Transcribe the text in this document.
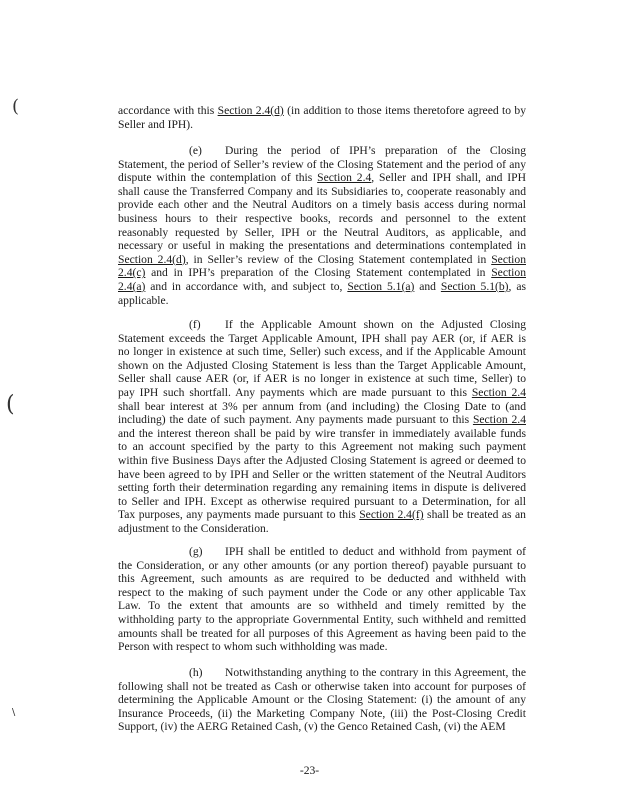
(
(
∖
accordance with this Section 2.4(d) (in addition to those items theretofore agreed to by
Seller and IPH).
(e) During the period of IPH’s preparation of the Closing
Statement, the period of Seller’s review of the Closing Statement and the period of any
dispute within the contemplation of this Section 2.4, Seller and IPH shall, and IPH
shall cause the Transferred Company and its Subsidiaries to, cooperate reasonably and
provide each other and the Neutral Auditors on a timely basis access during normal
business hours to their respective books, records and personnel to the extent
reasonably requested by Seller, IPH or the Neutral Auditors, as applicable, and
necessary or useful in making the presentations and determinations contemplated in
Section 2.4(d), in Seller’s review of the Closing Statement contemplated in Section
2.4(c) and in IPH’s preparation of the Closing Statement contemplated in Section
2.4(a) and in accordance with, and subject to, Section 5.1(a) and Section 5.1(b), as
applicable.
(f) If the Applicable Amount shown on the Adjusted Closing
Statement exceeds the Target Applicable Amount, IPH shall pay AER (or, if AER is
no longer in existence at such time, Seller) such excess, and if the Applicable Amount
shown on the Adjusted Closing Statement is less than the Target Applicable Amount,
Seller shall cause AER (or, if AER is no longer in existence at such time, Seller) to
pay IPH such shortfall. Any payments which are made pursuant to this Section 2.4
shall bear interest at 3% per annum from (and including) the Closing Date to (and
including) the date of such payment. Any payments made pursuant to this Section 2.4
and the interest thereon shall be paid by wire transfer in immediately available funds
to an account specified by the party to this Agreement not making such payment
within five Business Days after the Adjusted Closing Statement is agreed or deemed to
have been agreed to by IPH and Seller or the written statement of the Neutral Auditors
setting forth their determination regarding any remaining items in dispute is delivered
to Seller and IPH. Except as otherwise required pursuant to a Determination, for all
Tax purposes, any payments made pursuant to this Section 2.4(f) shall be treated as an
adjustment to the Consideration.
(g) IPH shall be entitled to deduct and withhold from payment of
the Consideration, or any other amounts (or any portion thereof) payable pursuant to
this Agreement, such amounts as are required to be deducted and withheld with
respect to the making of such payment under the Code or any other applicable Tax
Law. To the extent that amounts are so withheld and timely remitted by the
withholding party to the appropriate Governmental Entity, such withheld and remitted
amounts shall be treated for all purposes of this Agreement as having been paid to the
Person with respect to whom such withholding was made.
(h) Notwithstanding anything to the contrary in this Agreement, the
following shall not be treated as Cash or otherwise taken into account for purposes of
determining the Applicable Amount or the Closing Statement: (i) the amount of any
Insurance Proceeds, (ii) the Marketing Company Note, (iii) the Post-Closing Credit
Support, (iv) the AERG Retained Cash, (v) the Genco Retained Cash, (vi) the AEM

-23-
